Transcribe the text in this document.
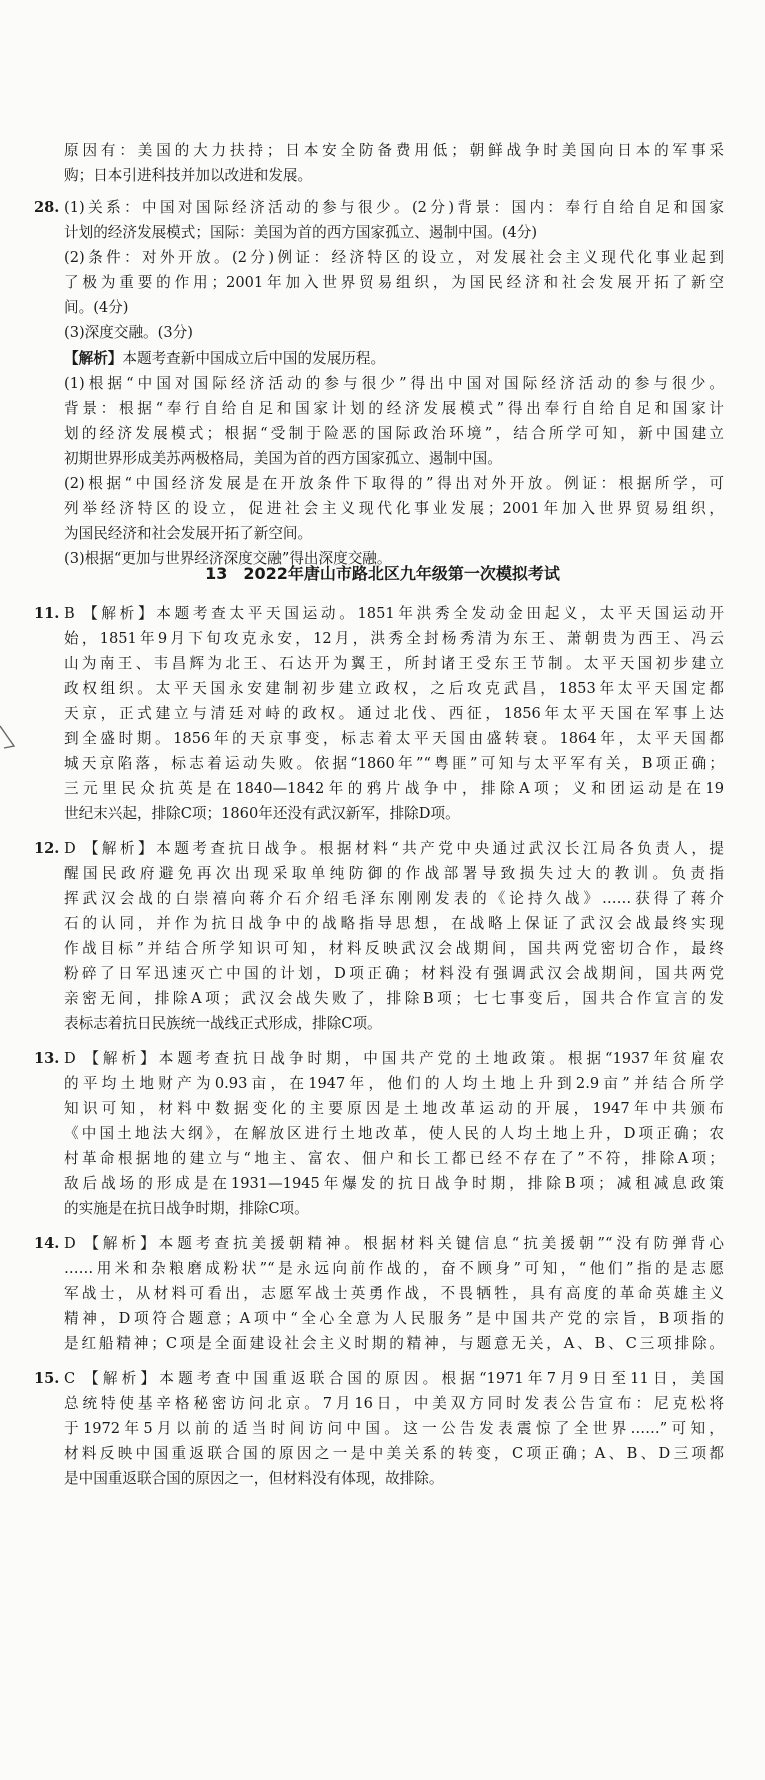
13　2022年唐山市路北区九年级第一次模拟考试
原因有：美国的大力扶持；日本安全防备费用低；朝鲜战争时美国向日本的军事采
购；日本引进科技并加以改进和发展。
28. (1)关系：中国对国际经济活动的参与很少。(2分)背景：国内：奉行自给自足和国家
计划的经济发展模式；国际：美国为首的西方国家孤立、遏制中国。(4分)
(2)条件：对外开放。(2分)例证：经济特区的设立，对发展社会主义现代化事业起到
了极为重要的作用；2001年加入世界贸易组织，为国民经济和社会发展开拓了新空
间。(4分)
(3)深度交融。(3分)
【解析】本题考查新中国成立后中国的发展历程。
(1)根据“中国对国际经济活动的参与很少”得出中国对国际经济活动的参与很少。
背景：根据“奉行自给自足和国家计划的经济发展模式”得出奉行自给自足和国家计
划的经济发展模式；根据“受制于险恶的国际政治环境”，结合所学可知，新中国建立
初期世界形成美苏两极格局，美国为首的西方国家孤立、遏制中国。
(2)根据“中国经济发展是在开放条件下取得的”得出对外开放。例证：根据所学，可
列举经济特区的设立，促进社会主义现代化事业发展；2001年加入世界贸易组织，
为国民经济和社会发展开拓了新空间。
(3)根据“更加与世界经济深度交融”得出深度交融。
11. B 【解析】本题考查太平天国运动。1851年洪秀全发动金田起义，太平天国运动开
始，1851年9月下旬攻克永安，12月，洪秀全封杨秀清为东王、萧朝贵为西王、冯云
山为南王、韦昌辉为北王、石达开为翼王，所封诸王受东王节制。太平天国初步建立
政权组织。太平天国永安建制初步建立政权，之后攻克武昌，1853年太平天国定都
天京，正式建立与清廷对峙的政权。通过北伐、西征，1856年太平天国在军事上达
到全盛时期。1856年的天京事变，标志着太平天国由盛转衰。1864年，太平天国都
城天京陷落，标志着运动失败。依据“1860年”“粤匪”可知与太平军有关，B项正确；
三元里民众抗英是在1840—1842年的鸦片战争中，排除A项；义和团运动是在19
世纪末兴起，排除C项；1860年还没有武汉新军，排除D项。
12. D 【解析】本题考查抗日战争。根据材料“共产党中央通过武汉长江局各负责人，提
醒国民政府避免再次出现采取单纯防御的作战部署导致损失过大的教训。负责指
挥武汉会战的白崇禧向蒋介石介绍毛泽东刚刚发表的《论持久战》……获得了蒋介
石的认同，并作为抗日战争中的战略指导思想，在战略上保证了武汉会战最终实现
作战目标”并结合所学知识可知，材料反映武汉会战期间，国共两党密切合作，最终
粉碎了日军迅速灭亡中国的计划，D项正确；材料没有强调武汉会战期间，国共两党
亲密无间，排除A项；武汉会战失败了，排除B项；七七事变后，国共合作宣言的发
表标志着抗日民族统一战线正式形成，排除C项。
13. D 【解析】本题考查抗日战争时期，中国共产党的土地政策。根据“1937年贫雇农
的平均土地财产为0.93亩，在1947年，他们的人均土地上升到2.9亩”并结合所学
知识可知，材料中数据变化的主要原因是土地改革运动的开展，1947年中共颁布
《中国土地法大纲》，在解放区进行土地改革，使人民的人均土地上升，D项正确；农
村革命根据地的建立与“地主、富农、佃户和长工都已经不存在了”不符，排除A项；
敌后战场的形成是在1931—1945年爆发的抗日战争时期，排除B项；减租减息政策
的实施是在抗日战争时期，排除C项。
14. D 【解析】本题考查抗美援朝精神。根据材料关键信息“抗美援朝”“没有防弹背心
……用米和杂粮磨成粉状”“是永远向前作战的，奋不顾身”可知，“他们”指的是志愿
军战士，从材料可看出，志愿军战士英勇作战，不畏牺牲，具有高度的革命英雄主义
精神，D项符合题意；A项中“全心全意为人民服务”是中国共产党的宗旨，B项指的
是红船精神；C项是全面建设社会主义时期的精神，与题意无关，A、B、C三项排除。
15. C 【解析】本题考查中国重返联合国的原因。根据“1971年7月9日至11日，美国
总统特使基辛格秘密访问北京。7月16日，中美双方同时发表公告宣布：尼克松将
于1972年5月以前的适当时间访问中国。这一公告发表震惊了全世界……”可知，
材料反映中国重返联合国的原因之一是中美关系的转变，C项正确；A、B、D三项都
是中国重返联合国的原因之一，但材料没有体现，故排除。
